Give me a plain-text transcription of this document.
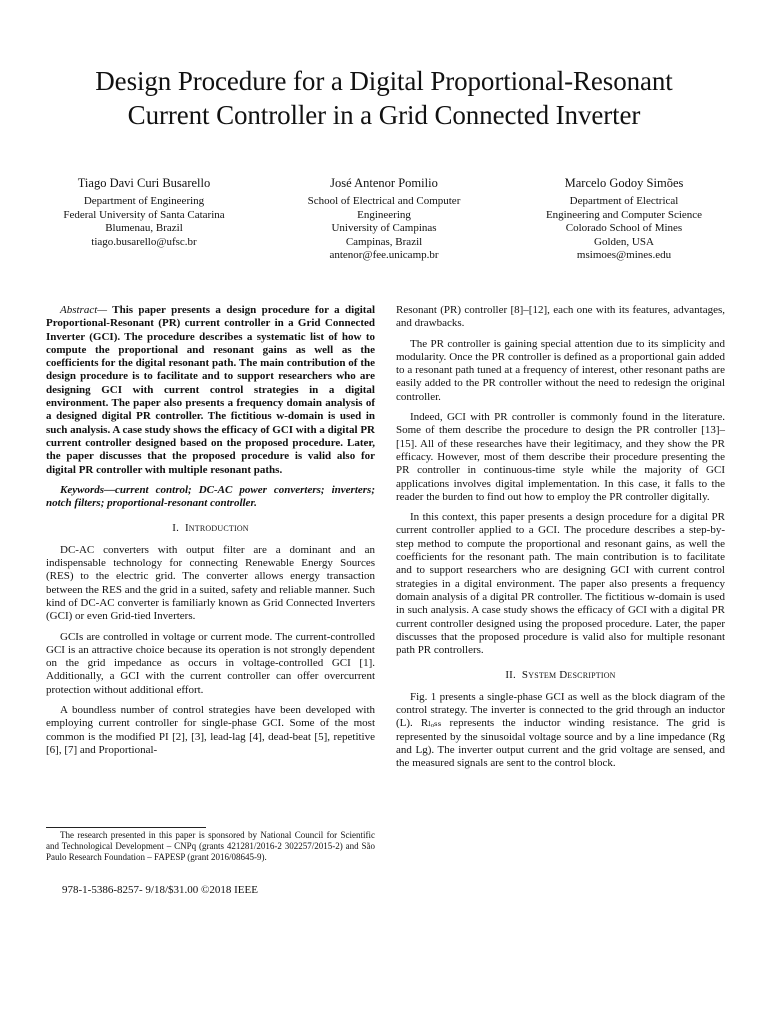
Design Procedure for a Digital Proportional-Resonant
Current Controller in a Grid Connected Inverter
Tiago Davi Curi Busarello
Department of Engineering
Federal University of Santa Catarina
Blumenau, Brazil
tiago.busarello@ufsc.br
José Antenor Pomilio
School of Electrical and Computer
Engineering
University of Campinas
Campinas, Brazil
antenor@fee.unicamp.br
Marcelo Godoy Simões
Department of Electrical
Engineering and Computer Science
Colorado School of Mines
Golden, USA
msimoes@mines.edu

Abstract— This paper presents a design procedure for a digital Proportional-Resonant (PR) current controller in a Grid Connected Inverter (GCI). The procedure describes a systematic list of how to compute the proportional and resonant gains as well as the coefficients for the digital resonant path. The main contribution of the design procedure is to facilitate and to support researchers who are designing GCI with current control strategies in a digital environment. The paper also presents a frequency domain analysis of a designed digital PR controller. The fictitious w-domain is used in such analysis. A case study shows the efficacy of GCI with a digital PR current controller designed based on the proposed procedure. Later, the paper discusses that the proposed procedure is valid also for digital PR controller with multiple resonant paths.

Keywords—current control; DC-AC power converters; inverters; notch filters; proportional-resonant controller.

I. Introduction

DC-AC converters with output filter are a dominant and an indispensable technology for connecting Renewable Energy Sources (RES) to the electric grid. The converter allows energy transaction between the RES and the grid in a suited, safety and reliable manner. Such kind of DC-AC converter is familiarly known as Grid Connected Inverters (GCI) or even Grid-tied Inverters.

GCIs are controlled in voltage or current mode. The current-controlled GCI is an attractive choice because its operation is not strongly dependent on the grid impedance as occurs in voltage-controlled GCI [1]. Additionally, a GCI with the current controller can offer overcurrent protection without additional effort.

A boundless number of control strategies have been developed with employing current controller for single-phase GCI. Some of the most common is the modified PI [2], [3], lead-lag [4], dead-beat [5], repetitive [6], [7] and Proportional-

Resonant (PR) controller [8]–[12], each one with its features, advantages, and drawbacks.

The PR controller is gaining special attention due to its simplicity and modularity. Once the PR controller is defined as a proportional gain added to a resonant path tuned at a frequency of interest, other resonant paths are easily added to the PR controller without the need to redesign the original controller.

Indeed, GCI with PR controller is commonly found in the literature. Some of them describe the procedure to design the PR controller [13]–[15]. All of these researches have their legitimacy, and they show the PR efficacy. However, most of them describe their procedure presenting the PR controller in continuous-time style while the majority of GCI applications involves digital implementation. In this case, it falls to the reader the burden to find out how to employ the PR controller digitally.

In this context, this paper presents a design procedure for a digital PR current controller applied to a GCI. The procedure describes a step-by-step method to compute the proportional and resonant gains, as well the coefficients for the resonant path. The main contribution is to facilitate and to support researchers who are designing GCI with current control strategies in a digital environment. The paper also presents a frequency domain analysis of a digital PR controller. The fictitious w-domain is used in such analysis. A case study shows the efficacy of GCI with a digital PR current controller designed using the proposed procedure. Later, the paper discusses that the proposed procedure is valid also for multiple resonant path PR controllers.

II. System Description

Fig. 1 presents a single-phase GCI as well as the block diagram of the control strategy. The inverter is connected to the grid through an inductor (L). Rₗₒₛₛ represents the inductor winding resistance. The grid is represented by the sinusoidal voltage source and by a line impedance (Rg and Lg). The inverter output current and the grid voltage are sensed, and the measured signals are sent to the control block.

The research presented in this paper is sponsored by National Council for Scientific and Technological Development – CNPq (grants 421281/2016-2 302257/2015-2) and São Paulo Research Foundation – FAPESP (grant 2016/08645-9).
978-1-5386-8257- 9/18/$31.00 ©2018 IEEE
